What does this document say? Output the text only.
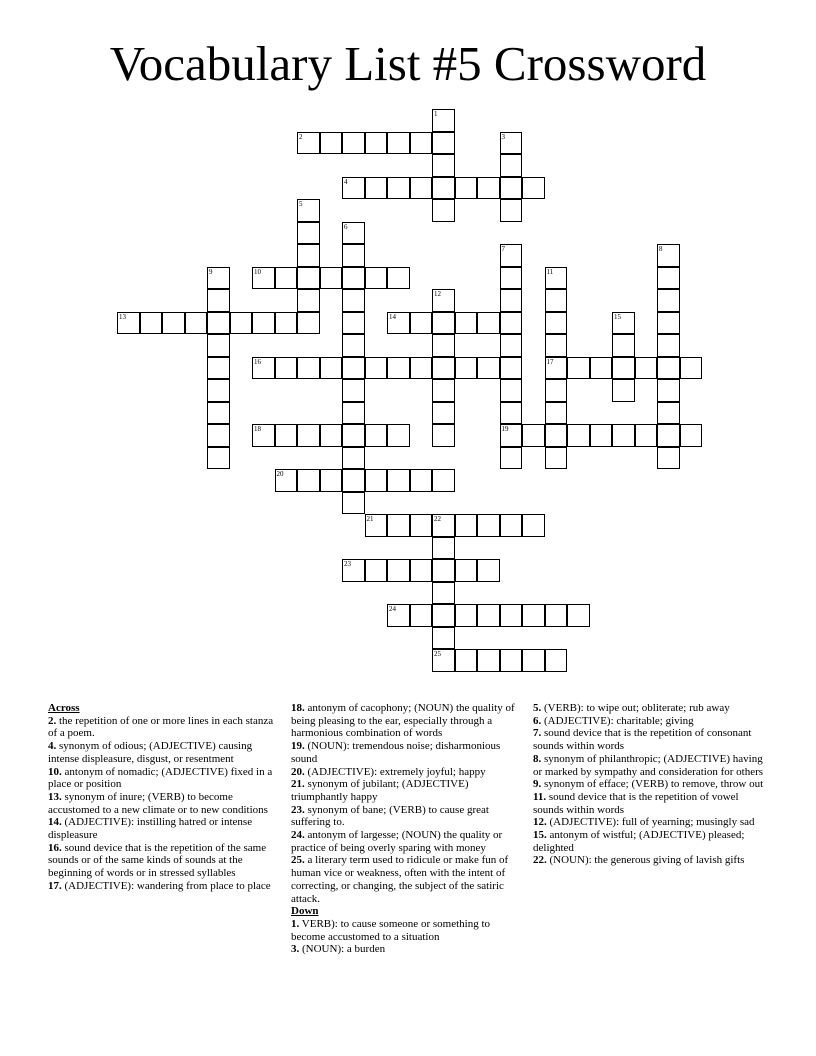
Vocabulary List #5 Crossword
1
2	3
4
5
6
7	8
9	10	11
12
13	14	15
16	17
18	19
20
21	22
23
24
25

Across

2. the repetition of one or more lines in each stanza of a poem.

4. synonym of odious; (ADJECTIVE) causing intense displeasure, disgust, or resentment

10. antonym of nomadic; (ADJECTIVE) fixed in a place or position

13. synonym of inure; (VERB) to become accustomed to a new climate or to new conditions

14. (ADJECTIVE): instilling hatred or intense displeasure

16. sound device that is the repetition of the same sounds or of the same kinds of sounds at the beginning of words or in stressed syllables

17. (ADJECTIVE): wandering from place to place

18. antonym of cacophony; (NOUN) the quality of being pleasing to the ear, especially through a harmonious combination of words

19. (NOUN): tremendous noise; disharmonious sound

20. (ADJECTIVE): extremely joyful; happy

21. synonym of jubilant; (ADJECTIVE) triumphantly happy

23. synonym of bane; (VERB) to cause great suffering to.

24. antonym of largesse; (NOUN) the quality or practice of being overly sparing with money

25. a literary term used to ridicule or make fun of human vice or weakness, often with the intent of correcting, or changing, the subject of the satiric attack.

Down

1. VERB): to cause someone or something to become accustomed to a situation

3. (NOUN): a burden

5. (VERB): to wipe out; obliterate; rub away

6. (ADJECTIVE): charitable; giving

7. sound device that is the repetition of consonant sounds within words

8. synonym of philanthropic; (ADJECTIVE) having or marked by sympathy and consideration for others

9. synonym of efface; (VERB) to remove, throw out

11. sound device that is the repetition of vowel sounds within words

12. (ADJECTIVE): full of yearning; musingly sad

15. antonym of wistful; (ADJECTIVE) pleased; delighted

22. (NOUN): the generous giving of lavish gifts
